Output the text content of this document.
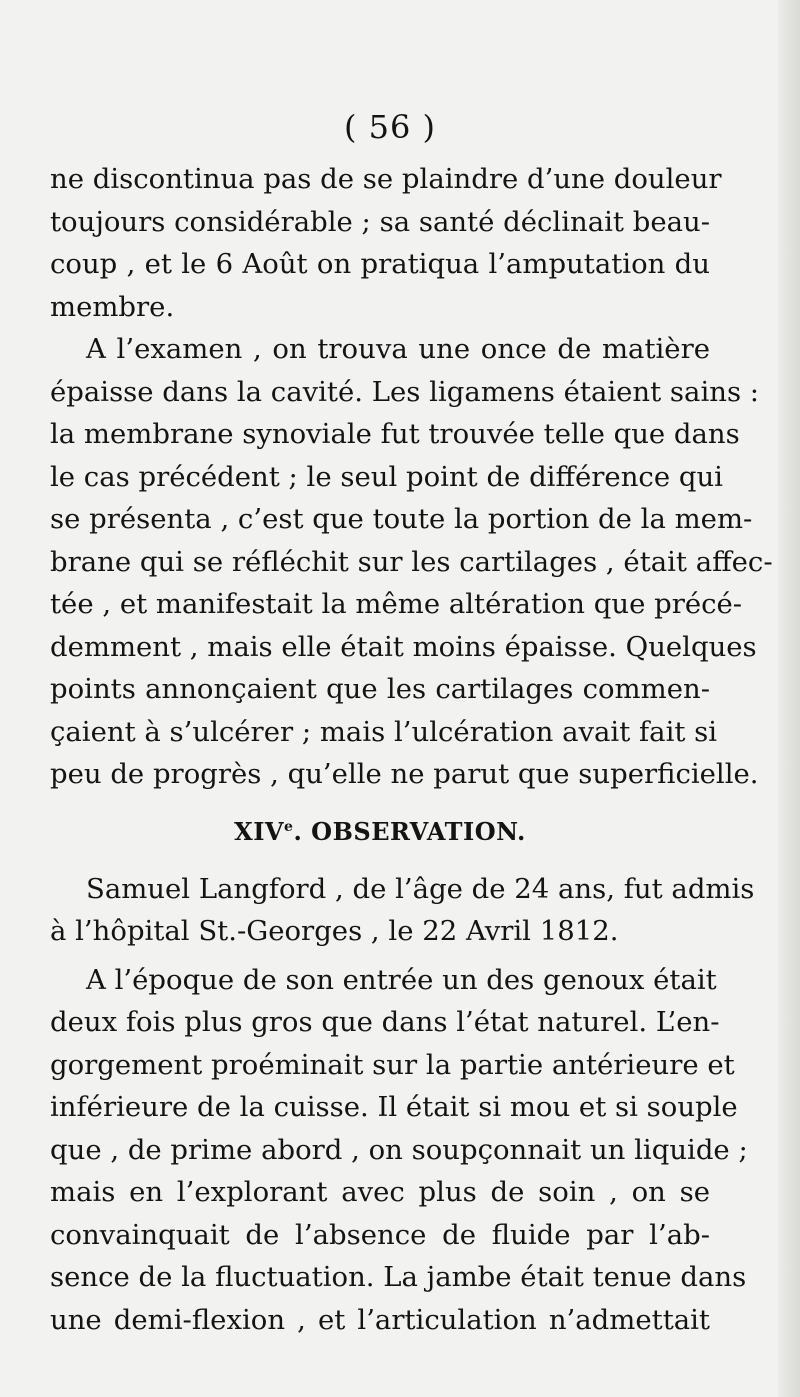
( 56 )
ne discontinua pas de se plaindre d’une douleur
toujours considérable ; sa santé déclinait beau-
coup , et le 6 Août on pratiqua l’amputation du
membre.
A l’examen , on trouva une once de matière
épaisse dans la cavité. Les ligamens étaient sains :
la membrane synoviale fut trouvée telle que dans
le cas précédent ; le seul point de différence qui
se présenta , c’est que toute la portion de la mem-
brane qui se réfléchit sur les cartilages , était affec-
tée , et manifestait la même altération que précé-
demment , mais elle était moins épaisse. Quelques
points annonçaient que les cartilages commen-
çaient à s’ulcérer ; mais l’ulcération avait fait si
peu de progrès , qu’elle ne parut que superficielle.
XIVe. OBSERVATION.
Samuel Langford , de l’âge de 24 ans, fut admis
à l’hôpital St.-Georges , le 22 Avril 1812.
A l’époque de son entrée un des genoux était
deux fois plus gros que dans l’état naturel. L’en-
gorgement proéminait sur la partie antérieure et
inférieure de la cuisse. Il était si mou et si souple
que , de prime abord , on soupçonnait un liquide ;
mais en l’explorant avec plus de soin , on se
convainquait de l’absence de fluide par l’ab-
sence de la fluctuation. La jambe était tenue dans
une demi-flexion , et l’articulation n’admettait
